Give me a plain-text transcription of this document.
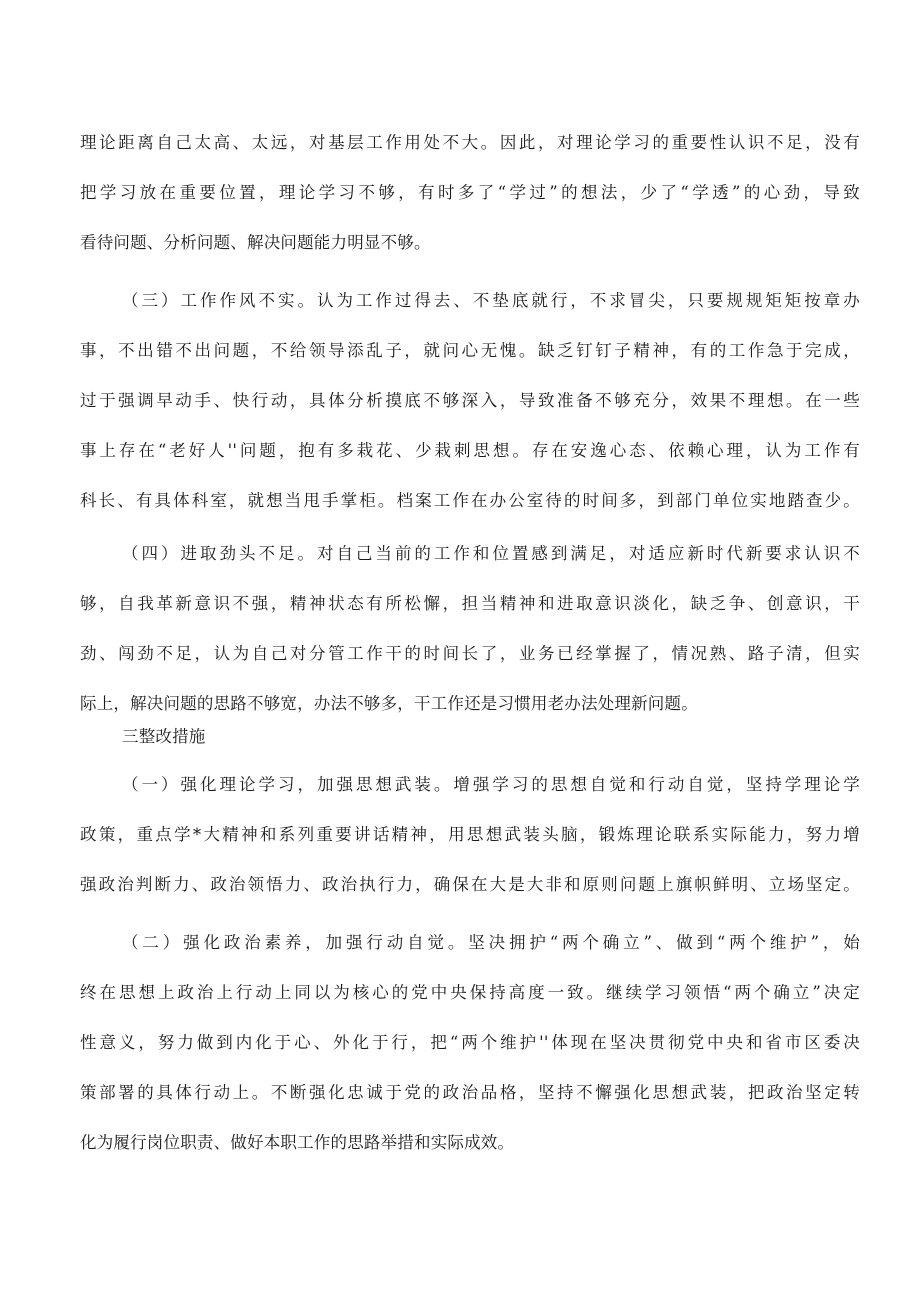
理论距离自己太高、太远，对基层工作用处不大。因此，对理论学习的重要性认识不足，没有
把学习放在重要位置，理论学习不够，有时多了“学过”的想法，少了“学透”的心劲，导致
看待问题、分析问题、解决问题能力明显不够。
（三）工作作风不实。认为工作过得去、不垫底就行，不求冒尖，只要规规矩矩按章办
事，不出错不出问题，不给领导添乱子，就问心无愧。缺乏钉钉子精神，有的工作急于完成，
过于强调早动手、快行动，具体分析摸底不够深入，导致准备不够充分，效果不理想。在一些
事上存在“老好人''问题，抱有多栽花、少栽刺思想。存在安逸心态、依赖心理，认为工作有
科长、有具体科室，就想当甩手掌柜。档案工作在办公室待的时间多，到部门单位实地踏查少。
（四）进取劲头不足。对自己当前的工作和位置感到满足，对适应新时代新要求认识不
够，自我革新意识不强，精神状态有所松懈，担当精神和进取意识淡化，缺乏争、创意识，干
劲、闯劲不足，认为自己对分管工作干的时间长了，业务已经掌握了，情况熟、路子清，但实
际上，解决问题的思路不够宽，办法不够多，干工作还是习惯用老办法处理新问题。
三整改措施
（一）强化理论学习，加强思想武装。增强学习的思想自觉和行动自觉，坚持学理论学
政策，重点学*大精神和系列重要讲话精神，用思想武装头脑，锻炼理论联系实际能力，努力增
强政治判断力、政治领悟力、政治执行力，确保在大是大非和原则问题上旗帜鲜明、立场坚定。
（二）强化政治素养，加强行动自觉。坚决拥护“两个确立”、做到“两个维护”，始
终在思想上政治上行动上同以为核心的党中央保持高度一致。继续学习领悟“两个确立”决定
性意义，努力做到内化于心、外化于行，把“两个维护''体现在坚决贯彻党中央和省市区委决
策部署的具体行动上。不断强化忠诚于党的政治品格，坚持不懈强化思想武装，把政治坚定转
化为履行岗位职责、做好本职工作的思路举措和实际成效。
